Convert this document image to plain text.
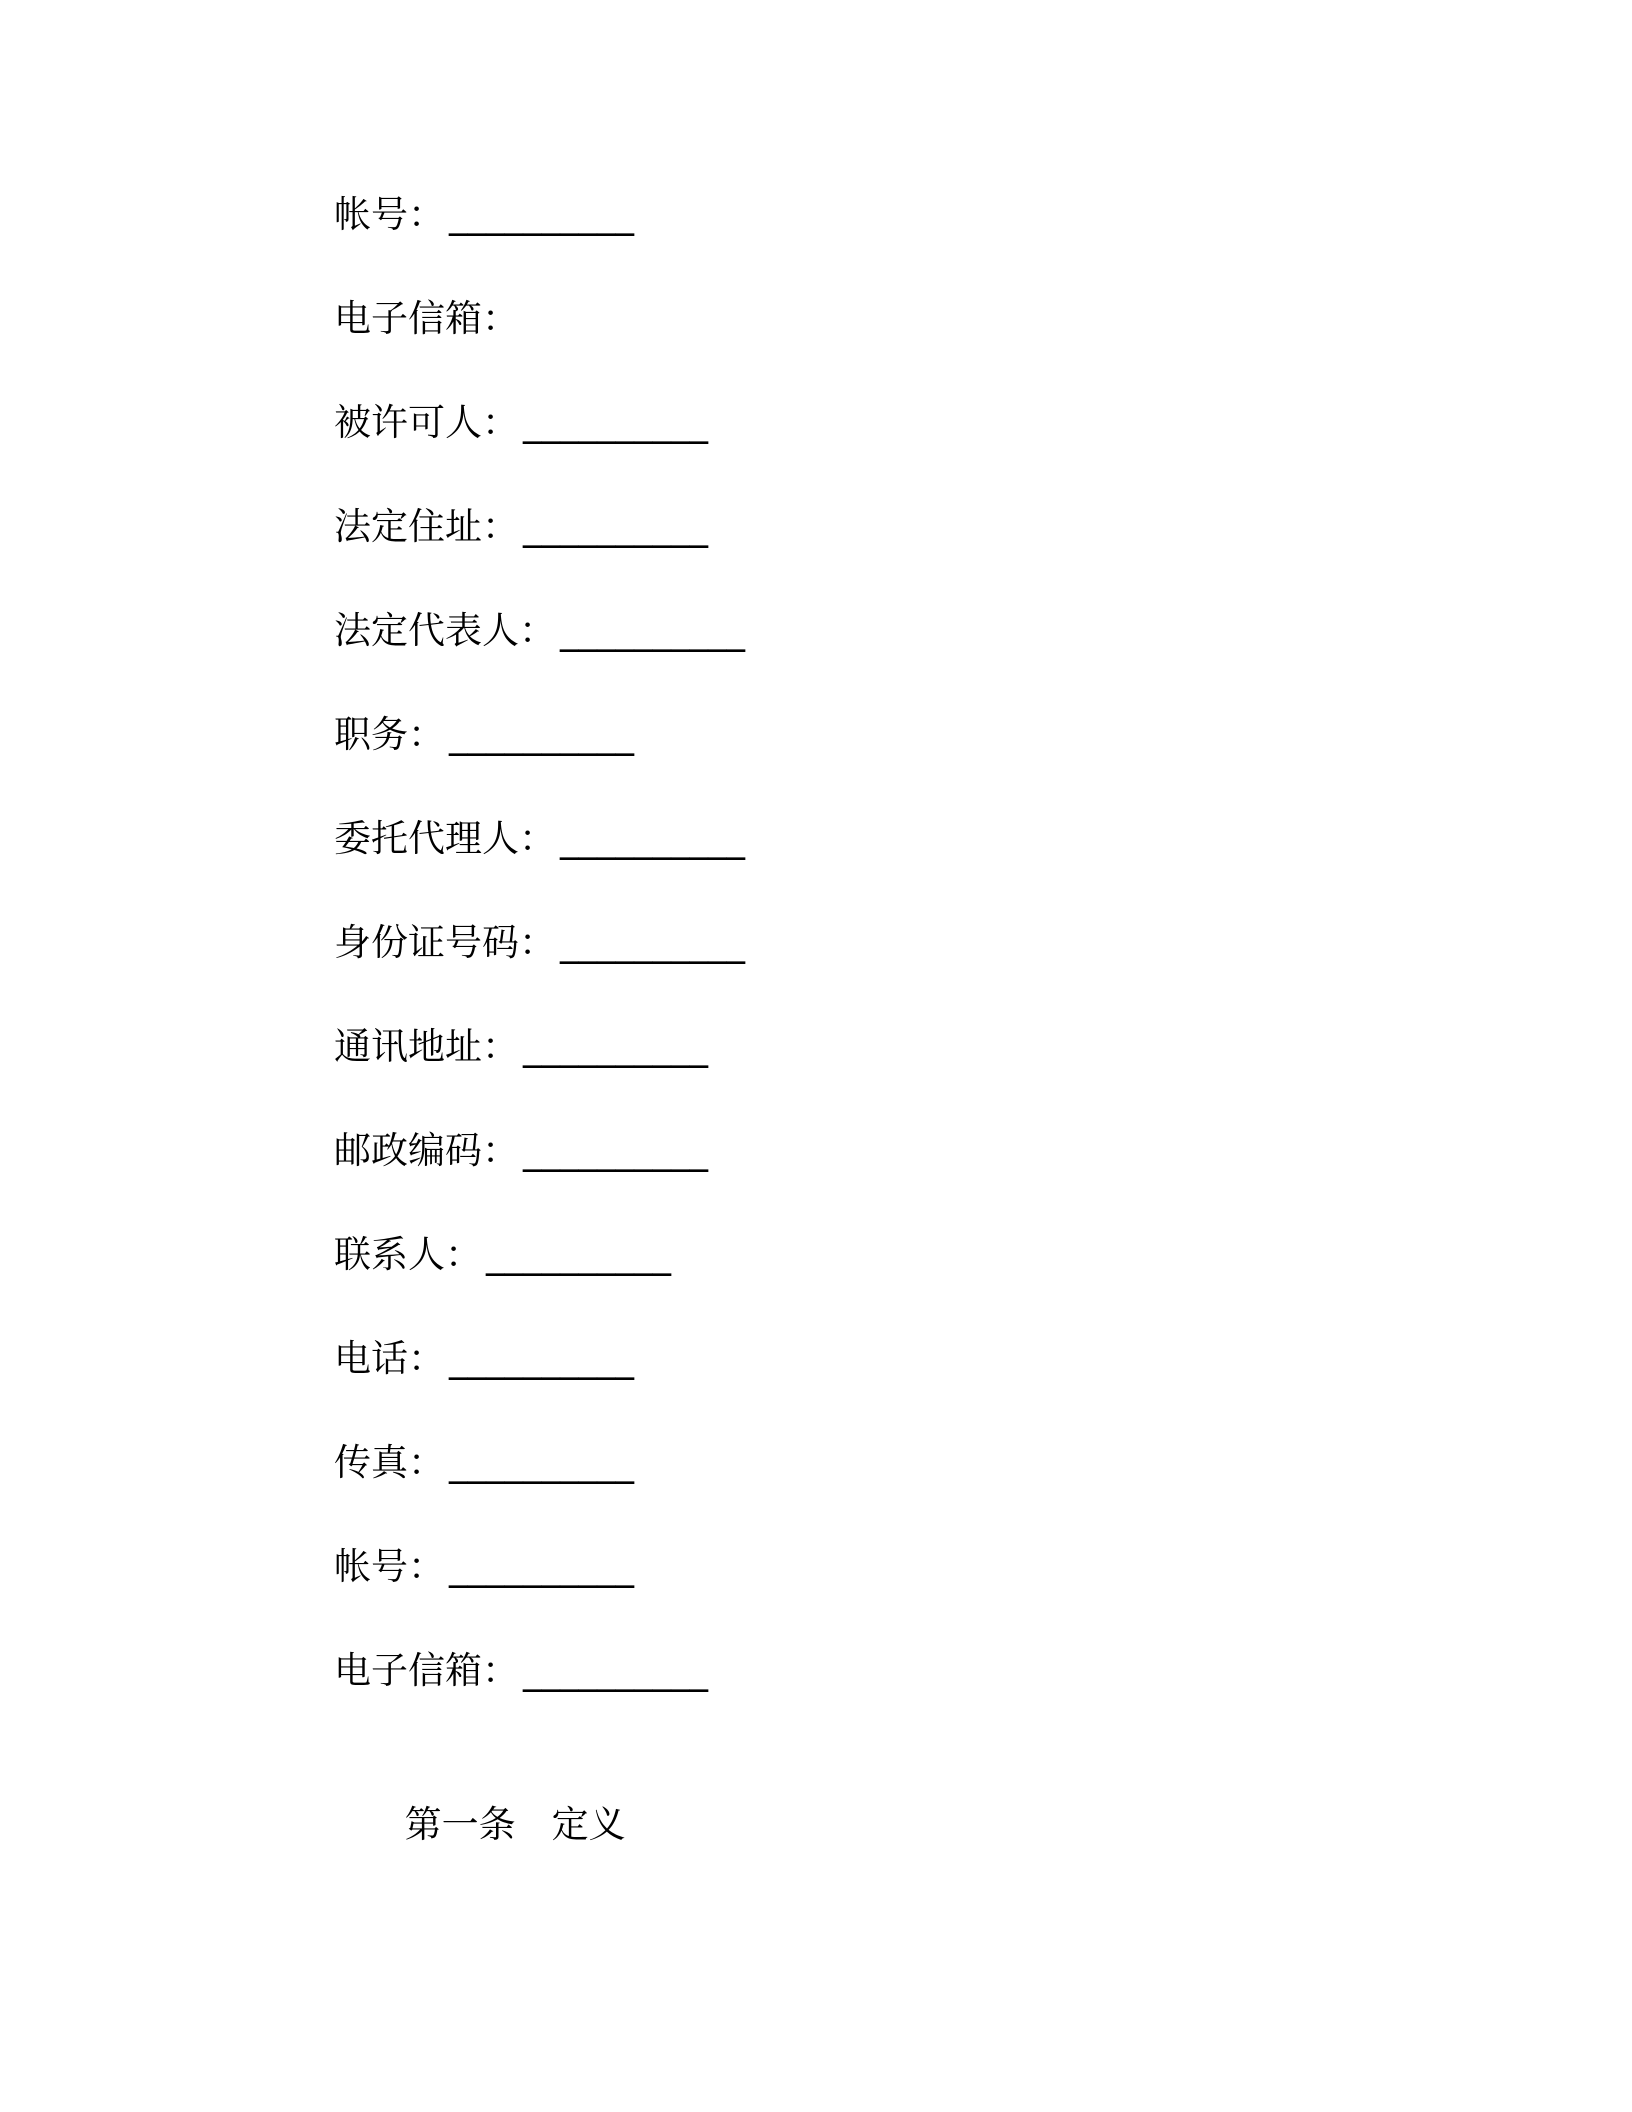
帐号： __________
电子信箱：
被许可人： __________
法定住址： __________
法定代表人： __________
职务： __________
委托代理人： __________
身份证号码： __________
通讯地址： __________
邮政编码： __________
联系人： __________
电话： __________
传真： __________
帐号： __________
电子信箱： __________

第一条 定义
